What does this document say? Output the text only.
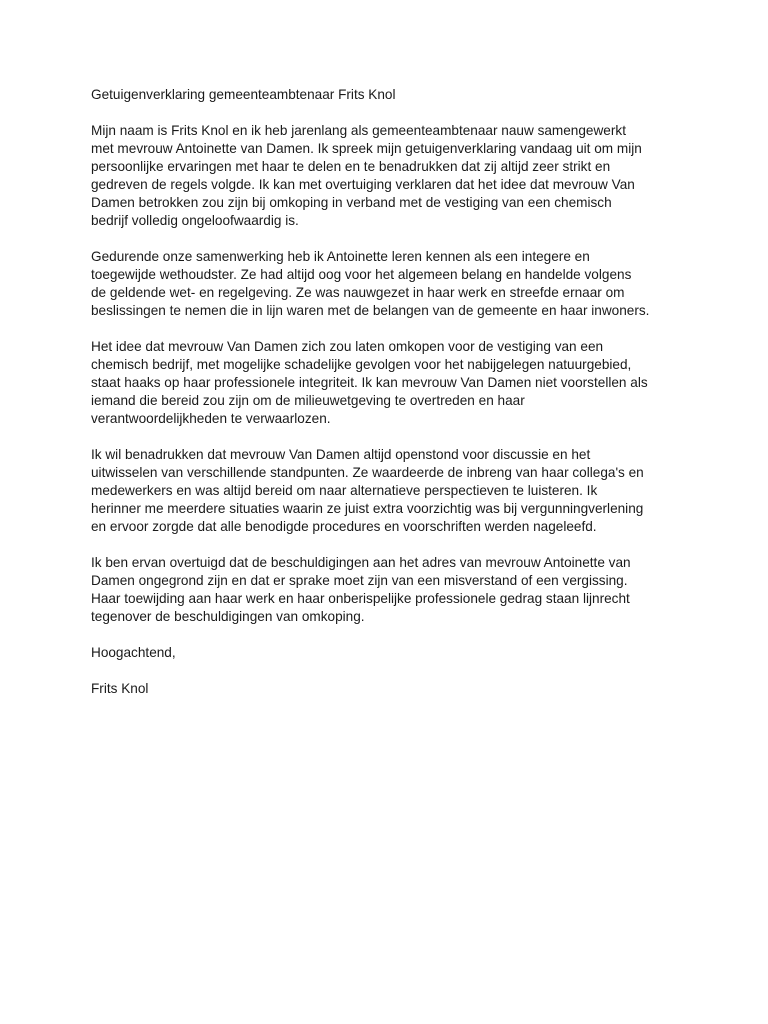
Getuigenverklaring gemeenteambtenaar Frits Knol

Mijn naam is Frits Knol en ik heb jarenlang als gemeenteambtenaar nauw samengewerkt
met mevrouw Antoinette van Damen. Ik spreek mijn getuigenverklaring vandaag uit om mijn
persoonlijke ervaringen met haar te delen en te benadrukken dat zij altijd zeer strikt en
gedreven de regels volgde. Ik kan met overtuiging verklaren dat het idee dat mevrouw Van
Damen betrokken zou zijn bij omkoping in verband met de vestiging van een chemisch
bedrijf volledig ongeloofwaardig is.

Gedurende onze samenwerking heb ik Antoinette leren kennen als een integere en
toegewijde wethoudster. Ze had altijd oog voor het algemeen belang en handelde volgens
de geldende wet- en regelgeving. Ze was nauwgezet in haar werk en streefde ernaar om
beslissingen te nemen die in lijn waren met de belangen van de gemeente en haar inwoners.

Het idee dat mevrouw Van Damen zich zou laten omkopen voor de vestiging van een
chemisch bedrijf, met mogelijke schadelijke gevolgen voor het nabijgelegen natuurgebied,
staat haaks op haar professionele integriteit. Ik kan mevrouw Van Damen niet voorstellen als
iemand die bereid zou zijn om de milieuwetgeving te overtreden en haar
verantwoordelijkheden te verwaarlozen.

Ik wil benadrukken dat mevrouw Van Damen altijd openstond voor discussie en het
uitwisselen van verschillende standpunten. Ze waardeerde de inbreng van haar collega's en
medewerkers en was altijd bereid om naar alternatieve perspectieven te luisteren. Ik
herinner me meerdere situaties waarin ze juist extra voorzichtig was bij vergunningverlening
en ervoor zorgde dat alle benodigde procedures en voorschriften werden nageleefd.

Ik ben ervan overtuigd dat de beschuldigingen aan het adres van mevrouw Antoinette van
Damen ongegrond zijn en dat er sprake moet zijn van een misverstand of een vergissing.
Haar toewijding aan haar werk en haar onberispelijke professionele gedrag staan lijnrecht
tegenover de beschuldigingen van omkoping.

Hoogachtend,

Frits Knol
